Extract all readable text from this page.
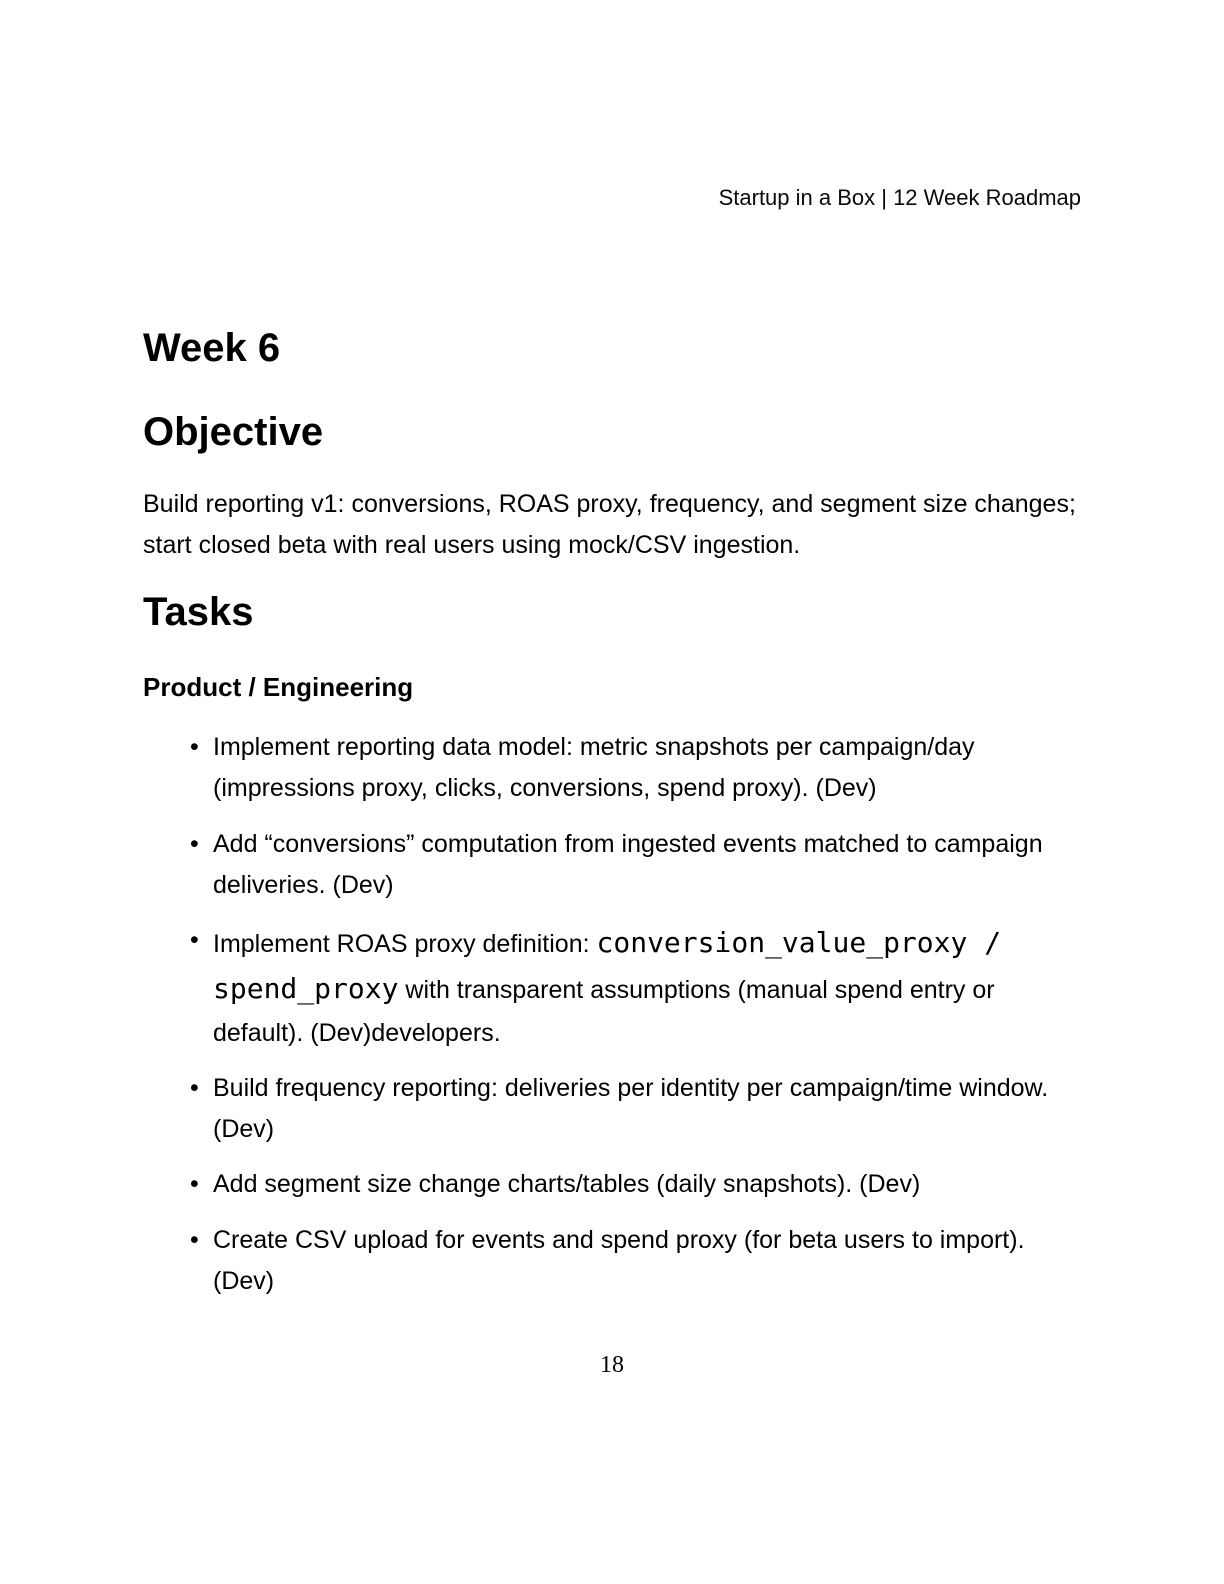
Startup in a Box | 12 Week Roadmap
Week 6
Objective

Build reporting v1: conversions, ROAS proxy, frequency, and segment size changes; start closed beta with real users using mock/CSV ingestion.

Tasks
Product / Engineering
• Implement reporting data model: metric snapshots per campaign/day (impressions proxy, clicks, conversions, spend proxy). (Dev)
• Add “conversions” computation from ingested events matched to campaign deliveries. (Dev)
• Implement ROAS proxy definition: conversion_value_proxy / spend_proxy with transparent assumptions (manual spend entry or default). (Dev)developers.
• Build frequency reporting: deliveries per identity per campaign/time window. (Dev)
• Add segment size change charts/tables (daily snapshots). (Dev)
• Create CSV upload for events and spend proxy (for beta users to import). (Dev)
18
